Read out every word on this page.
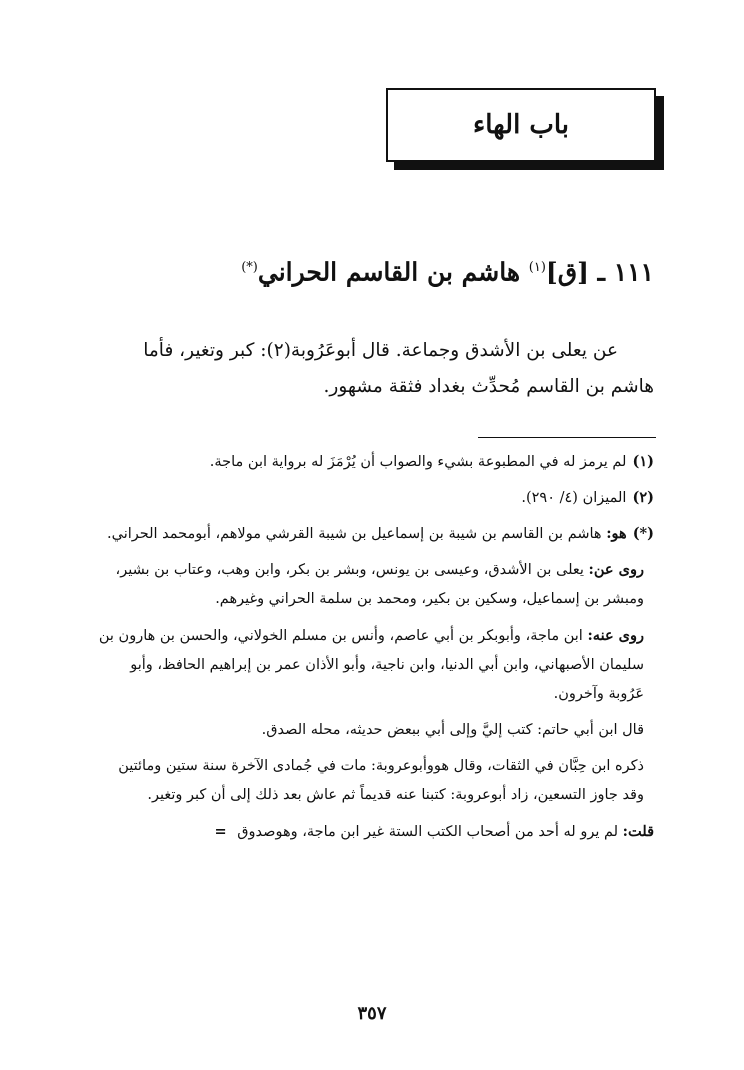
باب الهاء
١١١ ـ [ق]$^{(١)}$ هاشم بن القاسم الحراني(*)

عن يعلى بن الأشدق وجماعة. قال أبوعَرُوبة(٢): كبر وتغير، فأما هاشم بن القاسم مُحدِّث بغداد فثقة مشهور.

(١)لم يرمز له في المطبوعة بشيء والصواب أن يُرْمَزَ له برواية ابن ماجة.

(٢)الميزان (٤/ ٢٩٠).

(*)هو: هاشم بن القاسم بن شيبة بن إسماعيل بن شيبة القرشي مولاهم، أبومحمد الحراني.

روى عن: يعلى بن الأشدق، وعيسى بن يونس، وبشر بن بكر، وابن وهب، وعتاب بن بشير، ومبشر بن إسماعيل، وسكين بن بكير، ومحمد بن سلمة الحراني وغيرهم.

روى عنه: ابن ماجة، وأبوبكر بن أبي عاصم، وأنس بن مسلم الخولاني، والحسن بن هارون بن سليمان الأصبهاني، وابن أبي الدنيا، وابن ناجية، وأبو الأذان عمر بن إبراهيم الحافظ، وأبو عَرُوبة وآخرون.

قال ابن أبي حاتم: كتب إليَّ وإلى أبي ببعض حديثه، محله الصدق.

ذكره ابن حِبَّان في الثقات، وقال هووأبوعروبة: مات في جُمادى الآخرة سنة ستين ومائتين وقد جاوز التسعين، زاد أبوعروبة: كتبنا عنه قديماً ثم عاش بعد ذلك إلى أن كبر وتغير.

قلت: لم يرو له أحد من أصحاب الكتب الستة غير ابن ماجة، وهوصدوق =

٣٥٧
